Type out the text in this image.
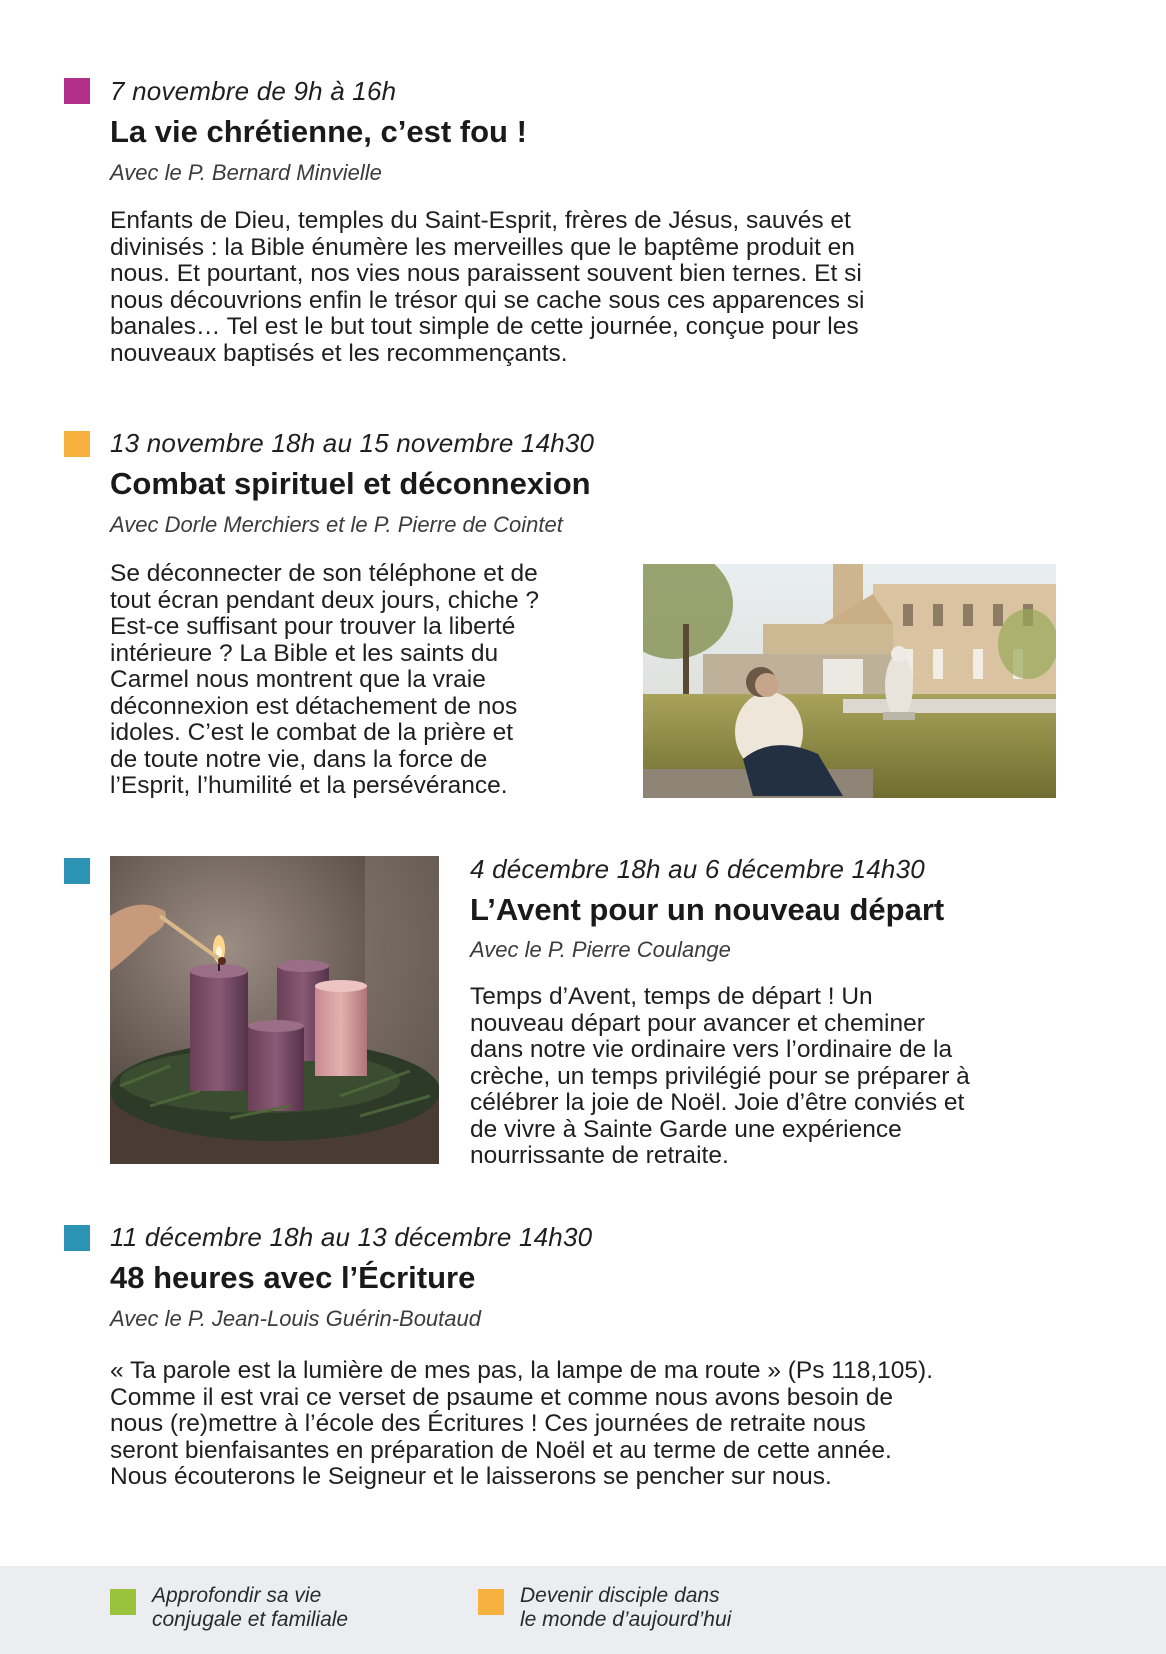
7 novembre de 9h à 16h
La vie chrétienne, c’est fou !
Avec le P. Bernard Minvielle
Enfants de Dieu, temples du Saint-Esprit, frères de Jésus, sauvés et
divinisés : la Bible énumère les merveilles que le baptême produit en
nous. Et pourtant, nos vies nous paraissent souvent bien ternes. Et si
nous découvrions enfin le trésor qui se cache sous ces apparences si
banales… Tel est le but tout simple de cette journée, conçue pour les
nouveaux baptisés et les recommençants.
13 novembre 18h au 15 novembre 14h30
Combat spirituel et déconnexion
Avec Dorle Merchiers et le P. Pierre de Cointet
Se déconnecter de son téléphone et de
tout écran pendant deux jours, chiche ?
Est-ce suffisant pour trouver la liberté
intérieure ? La Bible et les saints du
Carmel nous montrent que la vraie
déconnexion est détachement de nos
idoles. C’est le combat de la prière et
de toute notre vie, dans la force de
l’Esprit, l’humilité et la persévérance.
4 décembre 18h au 6 décembre 14h30
L’Avent pour un nouveau départ
Avec le P. Pierre Coulange
Temps d’Avent, temps de départ ! Un
nouveau départ pour avancer et cheminer
dans notre vie ordinaire vers l’ordinaire de la
crèche, un temps privilégié pour se préparer à
célébrer la joie de Noël. Joie d’être conviés et
de vivre à Sainte Garde une expérience
nourrissante de retraite.
11 décembre 18h au 13 décembre 14h30
48 heures avec l’Écriture
Avec le P. Jean-Louis Guérin-Boutaud
« Ta parole est la lumière de mes pas, la lampe de ma route » (Ps 118,105).
Comme il est vrai ce verset de psaume et comme nous avons besoin de
nous (re)mettre à l’école des Écritures ! Ces journées de retraite nous
seront bienfaisantes en préparation de Noël et au terme de cette année.
Nous écouterons le Seigneur et le laisserons se pencher sur nous.
Approfondir sa vie
conjugale et familiale
Devenir disciple dans
le monde d’aujourd’hui
